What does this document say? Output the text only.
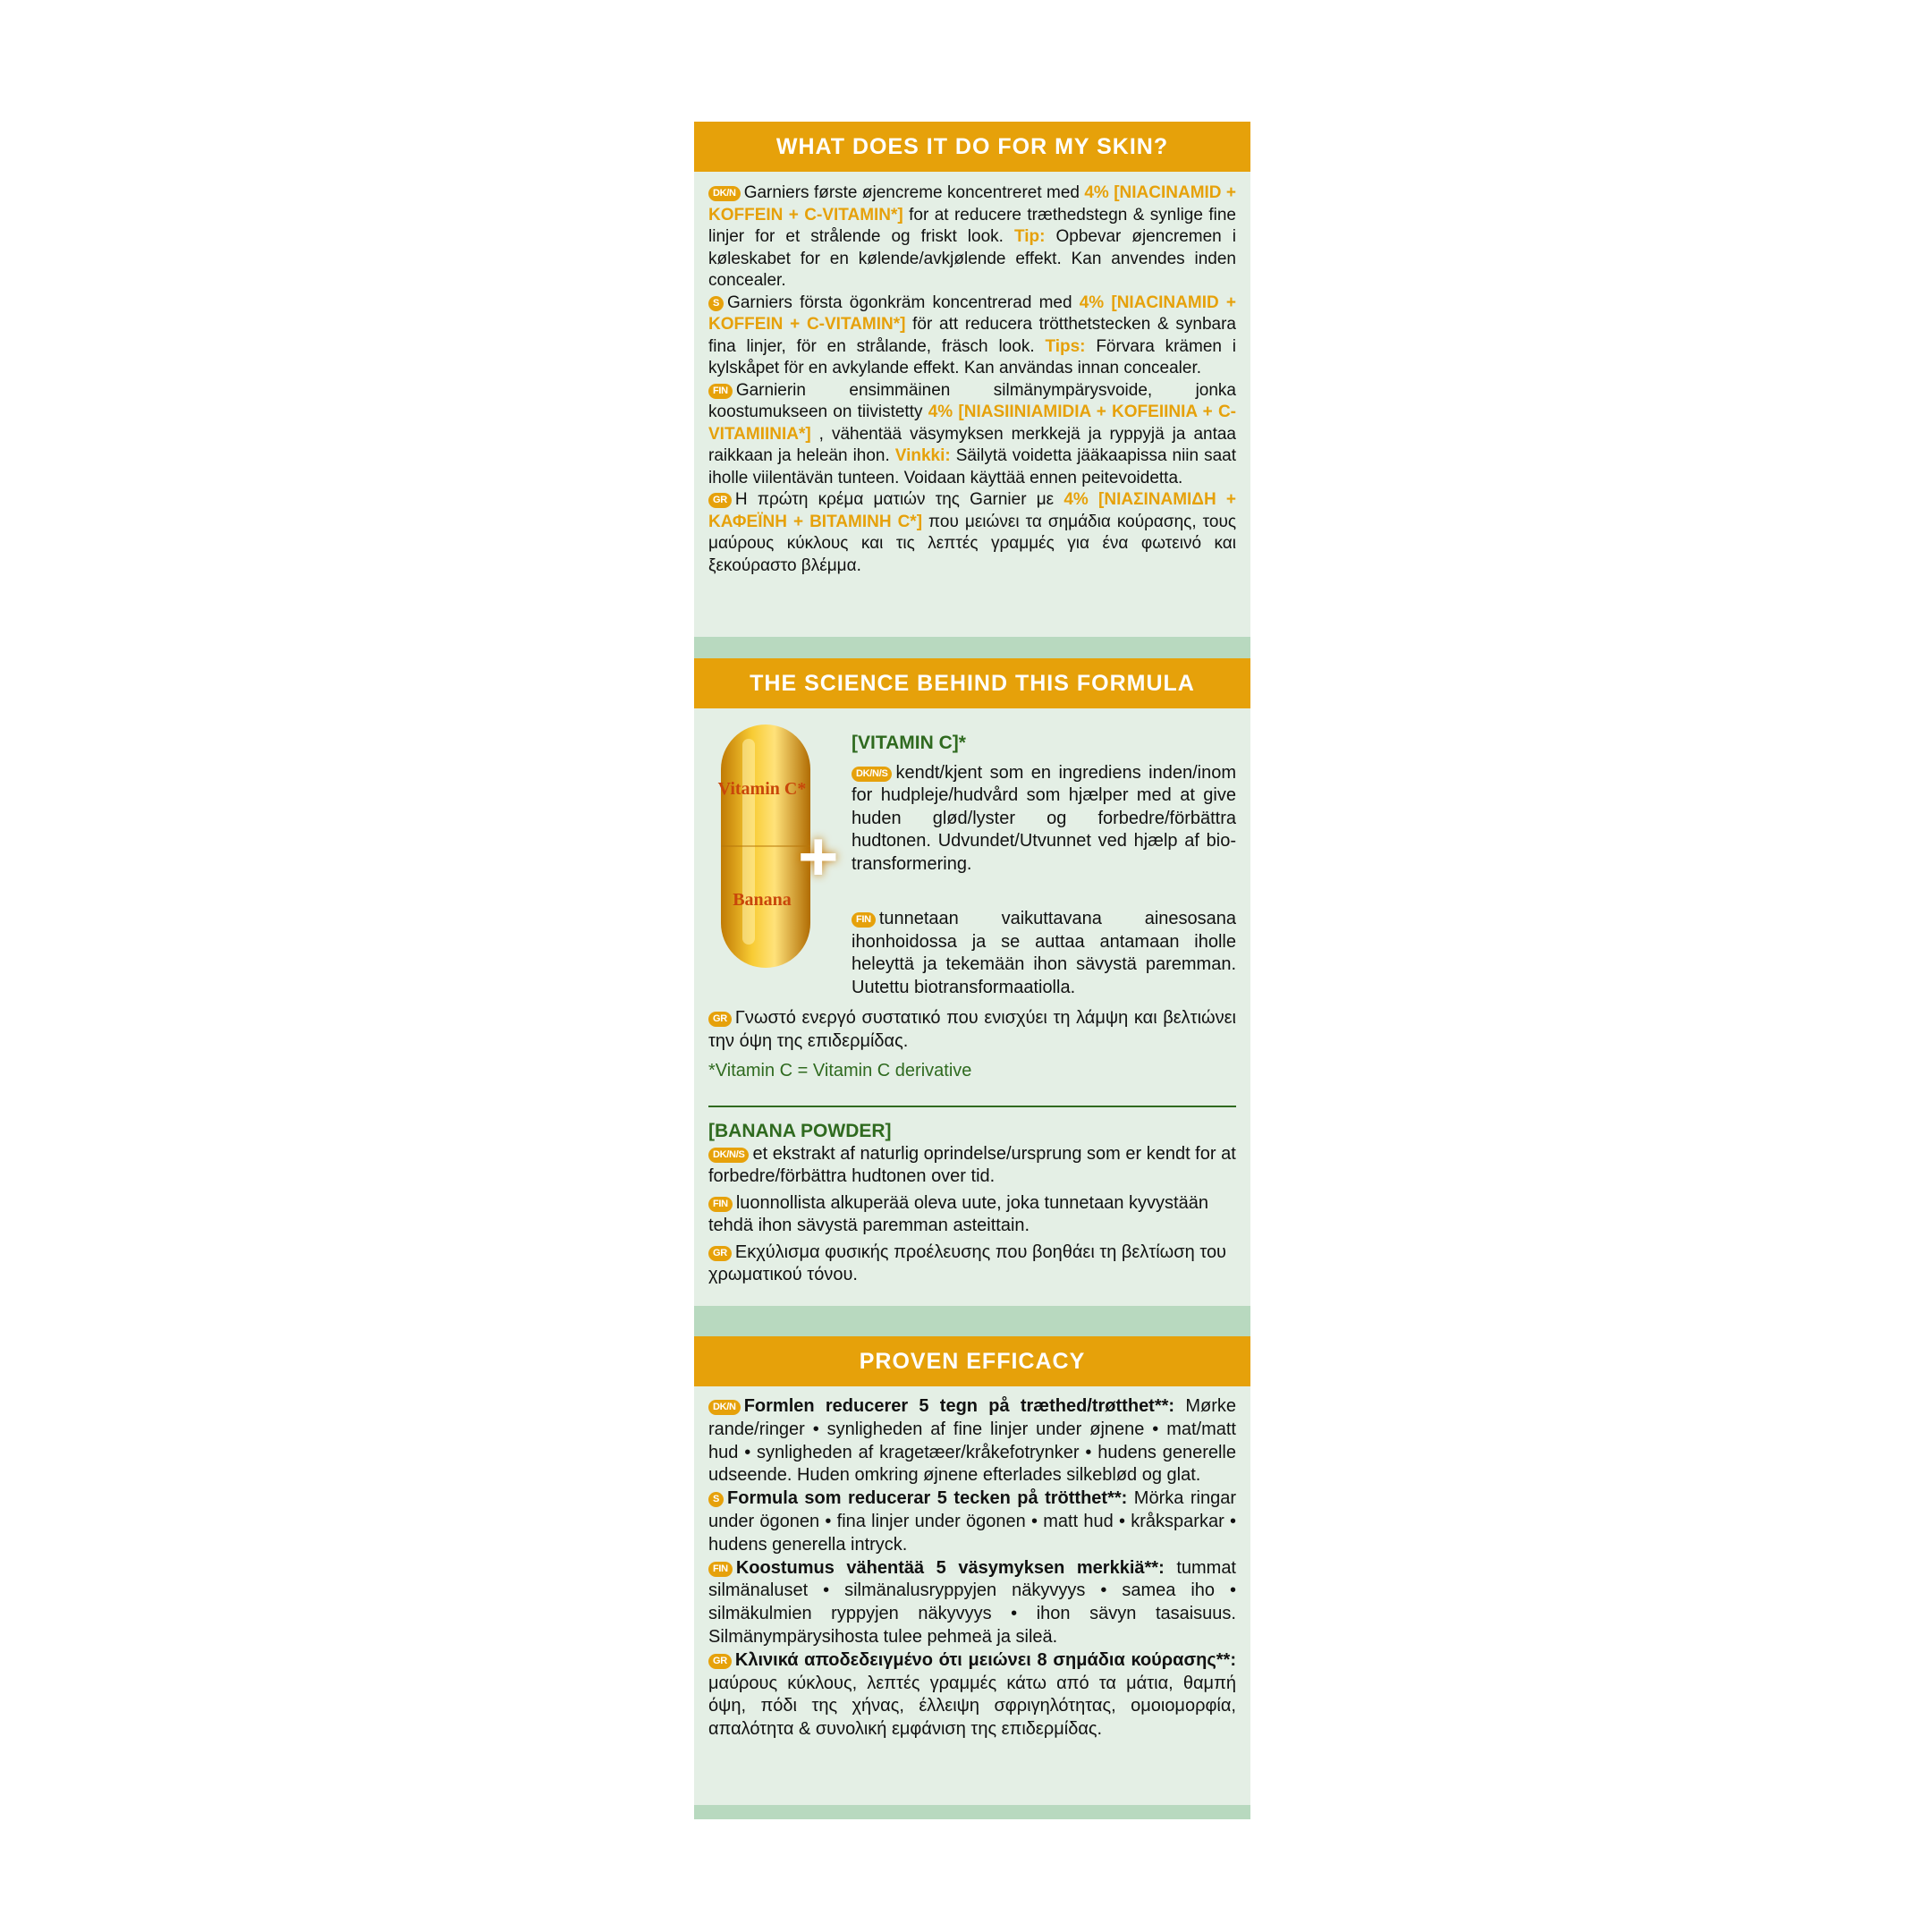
WHAT DOES IT DO FOR MY SKIN?

DK/N Garniers første øjencreme koncentreret med 4% [NIACINAMID + KOFFEIN + C-VITAMIN*] for at reducere træthedstegn & synlige fine linjer for et strålende og friskt look. Tip: Opbevar øjencremen i køleskabet for en kølende/avkjølende effekt. Kan anvendes inden concealer.

S Garniers första ögonkräm koncentrerad med 4% [NIACINAMID + KOFFEIN + C-VITAMIN*] för att reducera trötthetstecken & synbara fina linjer, för en strålande, fräsch look. Tips: Förvara krämen i kylskåpet för en avkylande effekt. Kan användas innan concealer.

FIN Garnierin ensimmäinen silmänympärysvoide, jonka koostumukseen on tiivistetty 4% [NIASIINIAMIDIA + KOFEIINIA + C-VITAMIINIA*] , vähentää väsymyksen merkkejä ja ryppyjä ja antaa raikkaan ja heleän ihon. Vinkki: Säilytä voidetta jääkaapissa niin saat iholle viilentävän tunteen. Voidaan käyttää ennen peitevoidetta.

GR Η πρώτη κρέμα ματιών της Garnier με 4% [ΝΙΑΣΙΝΑΜΙΔΗ + ΚΑΦΕΪΝΗ + ΒΙΤΑΜΙΝΗ C*] που μειώνει τα σημάδια κούρασης, τους μαύρους κύκλους και τις λεπτές γραμμές για ένα φωτεινό και ξεκούραστο βλέμμα.

THE SCIENCE BEHIND THIS FORMULA
Vitamin C*
Banana
+
[VITAMIN C]*

DK/N/S kendt/kjent som en ingrediens inden/inom for hudpleje/hudvård som hjælper med at give huden glød/lyster og forbedre/förbättra hudtonen. Udvundet/Utvunnet ved hjælp af bio-transformering.

FIN tunnetaan vaikuttavana ainesosana ihonhoidossa ja se auttaa antamaan iholle heleyttä ja tekemään ihon sävystä paremman. Uutettu biotransformaatiolla.

GR Γνωστό ενεργό συστατικό που ενισχύει τη λάμψη και βελτιώνει την όψη της επιδερμίδας.

*Vitamin C = Vitamin C derivative

[BANANA POWDER]

DK/N/S et ekstrakt af naturlig oprindelse/ursprung som er kendt for at forbedre/förbättra hudtonen over tid.

FIN luonnollista alkuperää oleva uute, joka tunnetaan kyvystään tehdä ihon sävystä paremman asteittain.

GR Εκχύλισμα φυσικής προέλευσης που βοηθάει τη βελτίωση του χρωματικού τόνου.

PROVEN EFFICACY

DK/N Formlen reducerer 5 tegn på træthed/trøtthet**: Mørke rande/ringer • synligheden af fine linjer under øjnene • mat/matt hud • synligheden af kragetæer/kråkefotrynker • hudens generelle udseende. Huden omkring øjnene efterlades silkeblød og glat.

S Formula som reducerar 5 tecken på trötthet**: Mörka ringar under ögonen • fina linjer under ögonen • matt hud • kråksparkar • hudens generella intryck.

FIN Koostumus vähentää 5 väsymyksen merkkiä**: tummat silmänaluset • silmänalusryppyjen näkyvyys • samea iho • silmäkulmien ryppyjen näkyvyys • ihon sävyn tasaisuus. Silmänympärysihosta tulee pehmeä ja sileä.

GR Κλινικά αποδεδειγμένο ότι μειώνει 8 σημάδια κούρασης**: μαύρους κύκλους, λεπτές γραμμές κάτω από τα μάτια, θαμπή όψη, πόδι της χήνας, έλλειψη σφριγηλότητας, ομοιομορφία, απαλότητα & συνολική εμφάνιση της επιδερμίδας.
